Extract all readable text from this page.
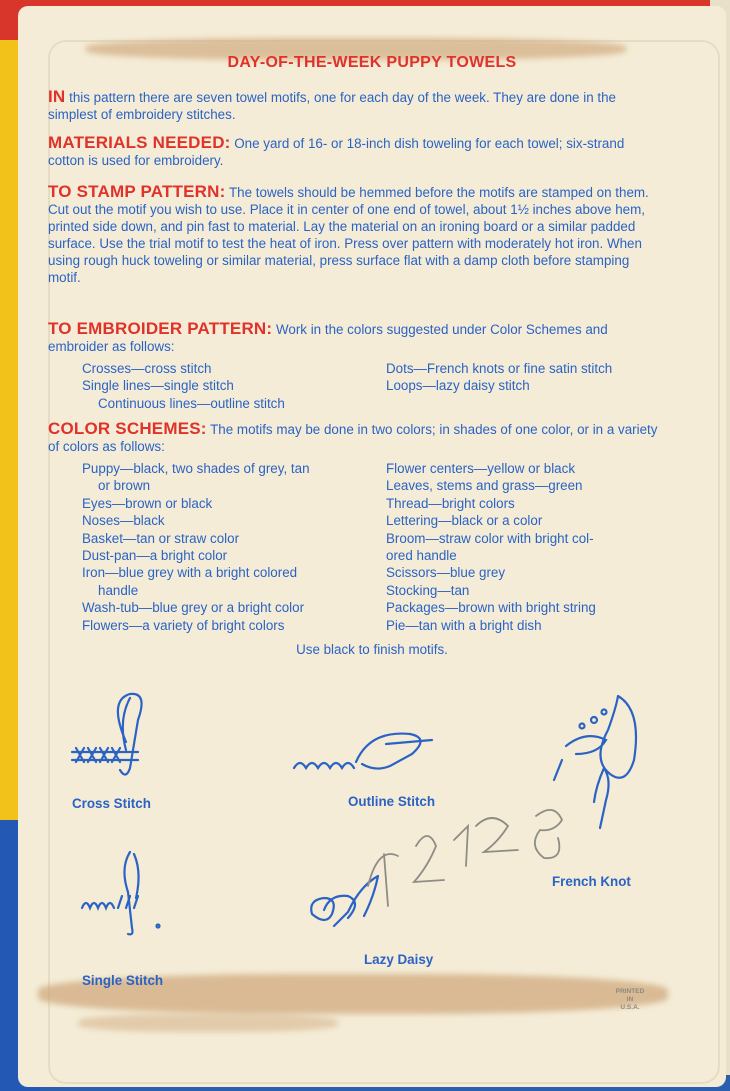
DAY-OF-THE-WEEK PUPPY TOWELS
IN this pattern there are seven towel motifs, one for each day of the week. They are done in the simplest of embroidery stitches.
MATERIALS NEEDED: One yard of 16- or 18-inch dish toweling for each towel; six-strand cotton is used for embroidery.
TO STAMP PATTERN: The towels should be hemmed before the motifs are stamped on them. Cut out the motif you wish to use. Place it in center of one end of towel, about 1½ inches above hem, printed side down, and pin fast to material. Lay the material on an ironing board or a similar padded surface. Use the trial motif to test the heat of iron. Press over pattern with moderately hot iron. When using rough huck toweling or similar material, press surface flat with a damp cloth before stamping motif.
TO EMBROIDER PATTERN: Work in the colors suggested under Color Schemes and embroider as follows:
Crosses—cross stitch
Single lines—single stitch
Continuous lines—outline stitch
Dots—French knots or fine satin stitch
Loops—lazy daisy stitch
COLOR SCHEMES: The motifs may be done in two colors; in shades of one color, or in a variety of colors as follows:
Puppy—black, two shades of grey, tan
or brown
Eyes—brown or black
Noses—black
Basket—tan or straw color
Dust-pan—a bright color
Iron—blue grey with a bright colored
handle
Wash-tub—blue grey or a bright color
Flowers—a variety of bright colors
Flower centers—yellow or black
Leaves, stems and grass—green
Thread—bright colors
Lettering—black or a color
Broom—straw color with bright col-
ored handle
Scissors—blue grey
Stocking—tan
Packages—brown with bright string
Pie—tan with a bright dish
Use black to finish motifs.
Cross Stitch	Outline Stitch
French Knot
Single Stitch
Lazy Daisy
PRINTED
IN
U.S.A.
